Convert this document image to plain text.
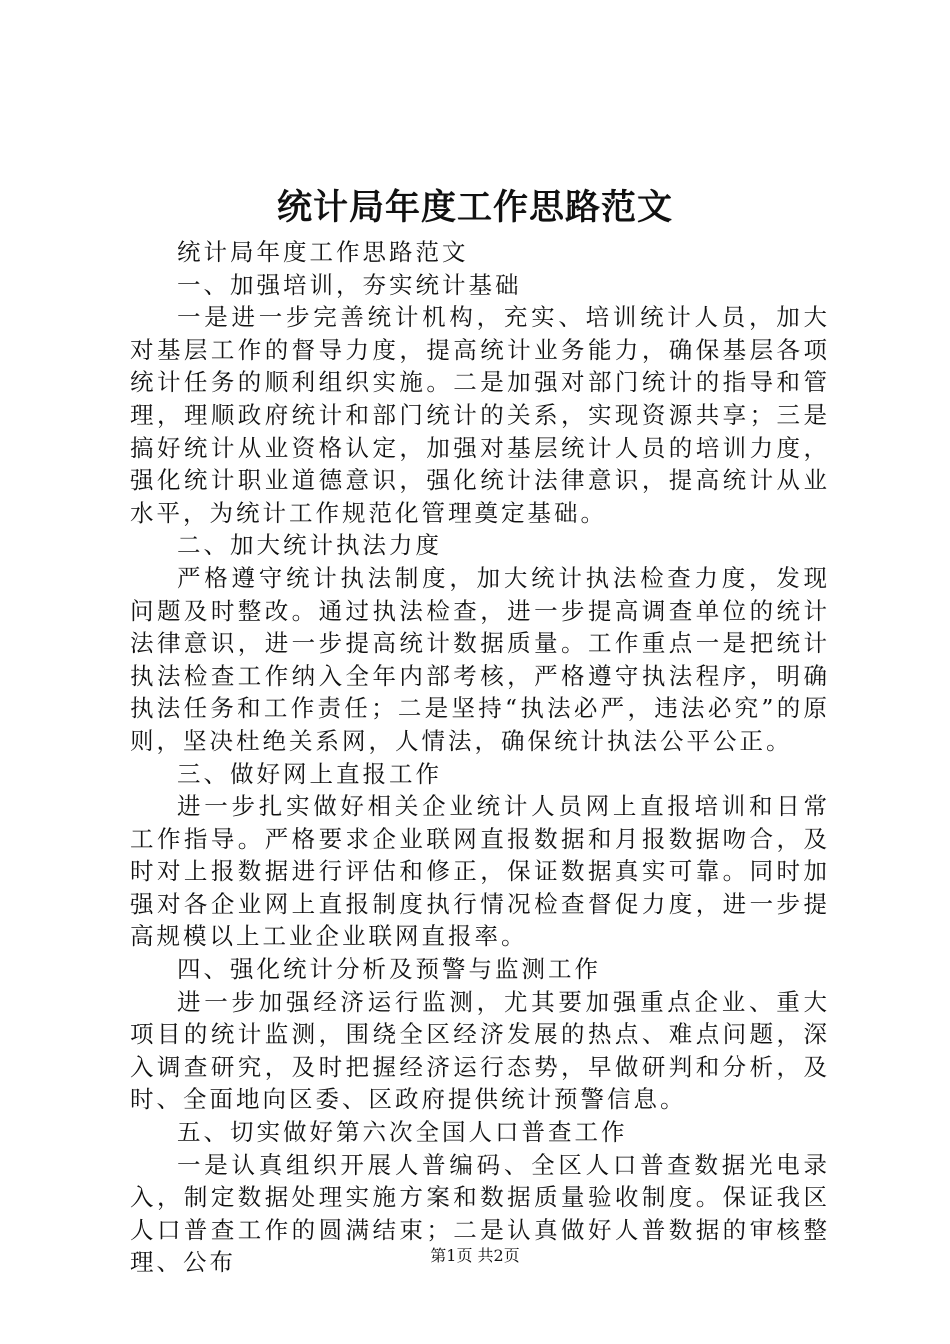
统计局年度工作思路范文

统计局年度工作思路范文

一、加强培训，夯实统计基础

一是进一步完善统计机构，充实、培训统计人员，加大对基层工作的督导力度，提高统计业务能力，确保基层各项统计任务的顺利组织实施。二是加强对部门统计的指导和管理，理顺政府统计和部门统计的关系，实现资源共享；三是搞好统计从业资格认定，加强对基层统计人员的培训力度，强化统计职业道德意识，强化统计法律意识，提高统计从业水平，为统计工作规范化管理奠定基础。

二、加大统计执法力度

严格遵守统计执法制度，加大统计执法检查力度，发现问题及时整改。通过执法检查，进一步提高调查单位的统计法律意识，进一步提高统计数据质量。工作重点一是把统计执法检查工作纳入全年内部考核，严格遵守执法程序，明确执法任务和工作责任；二是坚持“执法必严，违法必究”的原则，坚决杜绝关系网，人情法，确保统计执法公平公正。

三、做好网上直报工作

进一步扎实做好相关企业统计人员网上直报培训和日常工作指导。严格要求企业联网直报数据和月报数据吻合，及时对上报数据进行评估和修正，保证数据真实可靠。同时加强对各企业网上直报制度执行情况检查督促力度，进一步提高规模以上工业企业联网直报率。

四、强化统计分析及预警与监测工作

进一步加强经济运行监测，尤其要加强重点企业、重大项目的统计监测，围绕全区经济发展的热点、难点问题，深入调查研究，及时把握经济运行态势，早做研判和分析，及时、全面地向区委、区政府提供统计预警信息。

五、切实做好第六次全国人口普查工作

一是认真组织开展人普编码、全区人口普查数据光电录入，制定数据处理实施方案和数据质量验收制度。保证我区人口普查工作的圆满结束；二是认真做好人普数据的审核整理、公布	第1页 共2页
